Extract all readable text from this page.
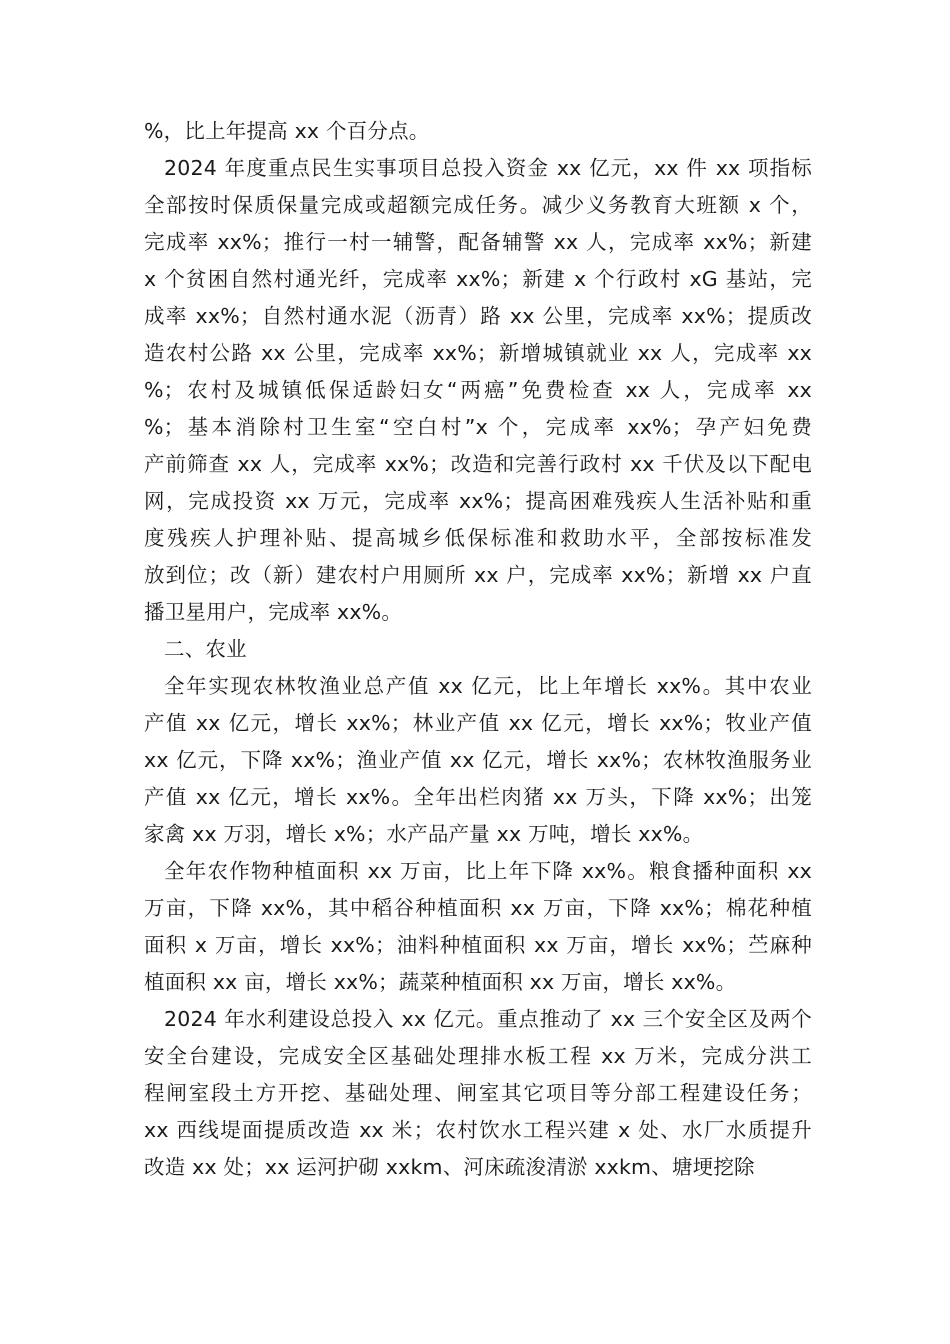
%，比上年提高 xx 个百分点。
2024 年度重点民生实事项目总投入资金 xx 亿元，xx 件 xx 项指标
全部按时保质保量完成或超额完成任务。减少义务教育大班额 x 个，
完成率 xx%；推行一村一辅警，配备辅警 xx 人，完成率 xx%；新建
x 个贫困自然村通光纤，完成率 xx%；新建 x 个行政村 xG 基站，完
成率 xx%；自然村通水泥（沥青）路 xx 公里，完成率 xx%；提质改
造农村公路 xx 公里，完成率 xx%；新增城镇就业 xx 人，完成率 xx
%；农村及城镇低保适龄妇女“两癌”免费检查 xx 人，完成率 xx
%；基本消除村卫生室“空白村”x 个，完成率 xx%；孕产妇免费
产前筛查 xx 人，完成率 xx%；改造和完善行政村 xx 千伏及以下配电
网，完成投资 xx 万元，完成率 xx%；提高困难残疾人生活补贴和重
度残疾人护理补贴、提高城乡低保标准和救助水平，全部按标准发
放到位；改（新）建农村户用厕所 xx 户，完成率 xx%；新增 xx 户直
播卫星用户，完成率 xx%。
二、农业
全年实现农林牧渔业总产值 xx 亿元，比上年增长 xx%。其中农业
产值 xx 亿元，增长 xx%；林业产值 xx 亿元，增长 xx%；牧业产值
xx 亿元，下降 xx%；渔业产值 xx 亿元，增长 xx%；农林牧渔服务业
产值 xx 亿元，增长 xx%。全年出栏肉猪 xx 万头，下降 xx%；出笼
家禽 xx 万羽，增长 x%；水产品产量 xx 万吨，增长 xx%。
全年农作物种植面积 xx 万亩，比上年下降 xx%。粮食播种面积 xx
万亩，下降 xx%，其中稻谷种植面积 xx 万亩，下降 xx%；棉花种植
面积 x 万亩，增长 xx%；油料种植面积 xx 万亩，增长 xx%；苎麻种
植面积 xx 亩，增长 xx%；蔬菜种植面积 xx 万亩，增长 xx%。
2024 年水利建设总投入 xx 亿元。重点推动了 xx 三个安全区及两个
安全台建设，完成安全区基础处理排水板工程 xx 万米，完成分洪工
程闸室段土方开挖、基础处理、闸室其它项目等分部工程建设任务；
xx 西线堤面提质改造 xx 米；农村饮水工程兴建 x 处、水厂水质提升
改造 xx 处；xx 运河护砌 xxkm、河床疏浚清淤 xxkm、塘埂挖除
